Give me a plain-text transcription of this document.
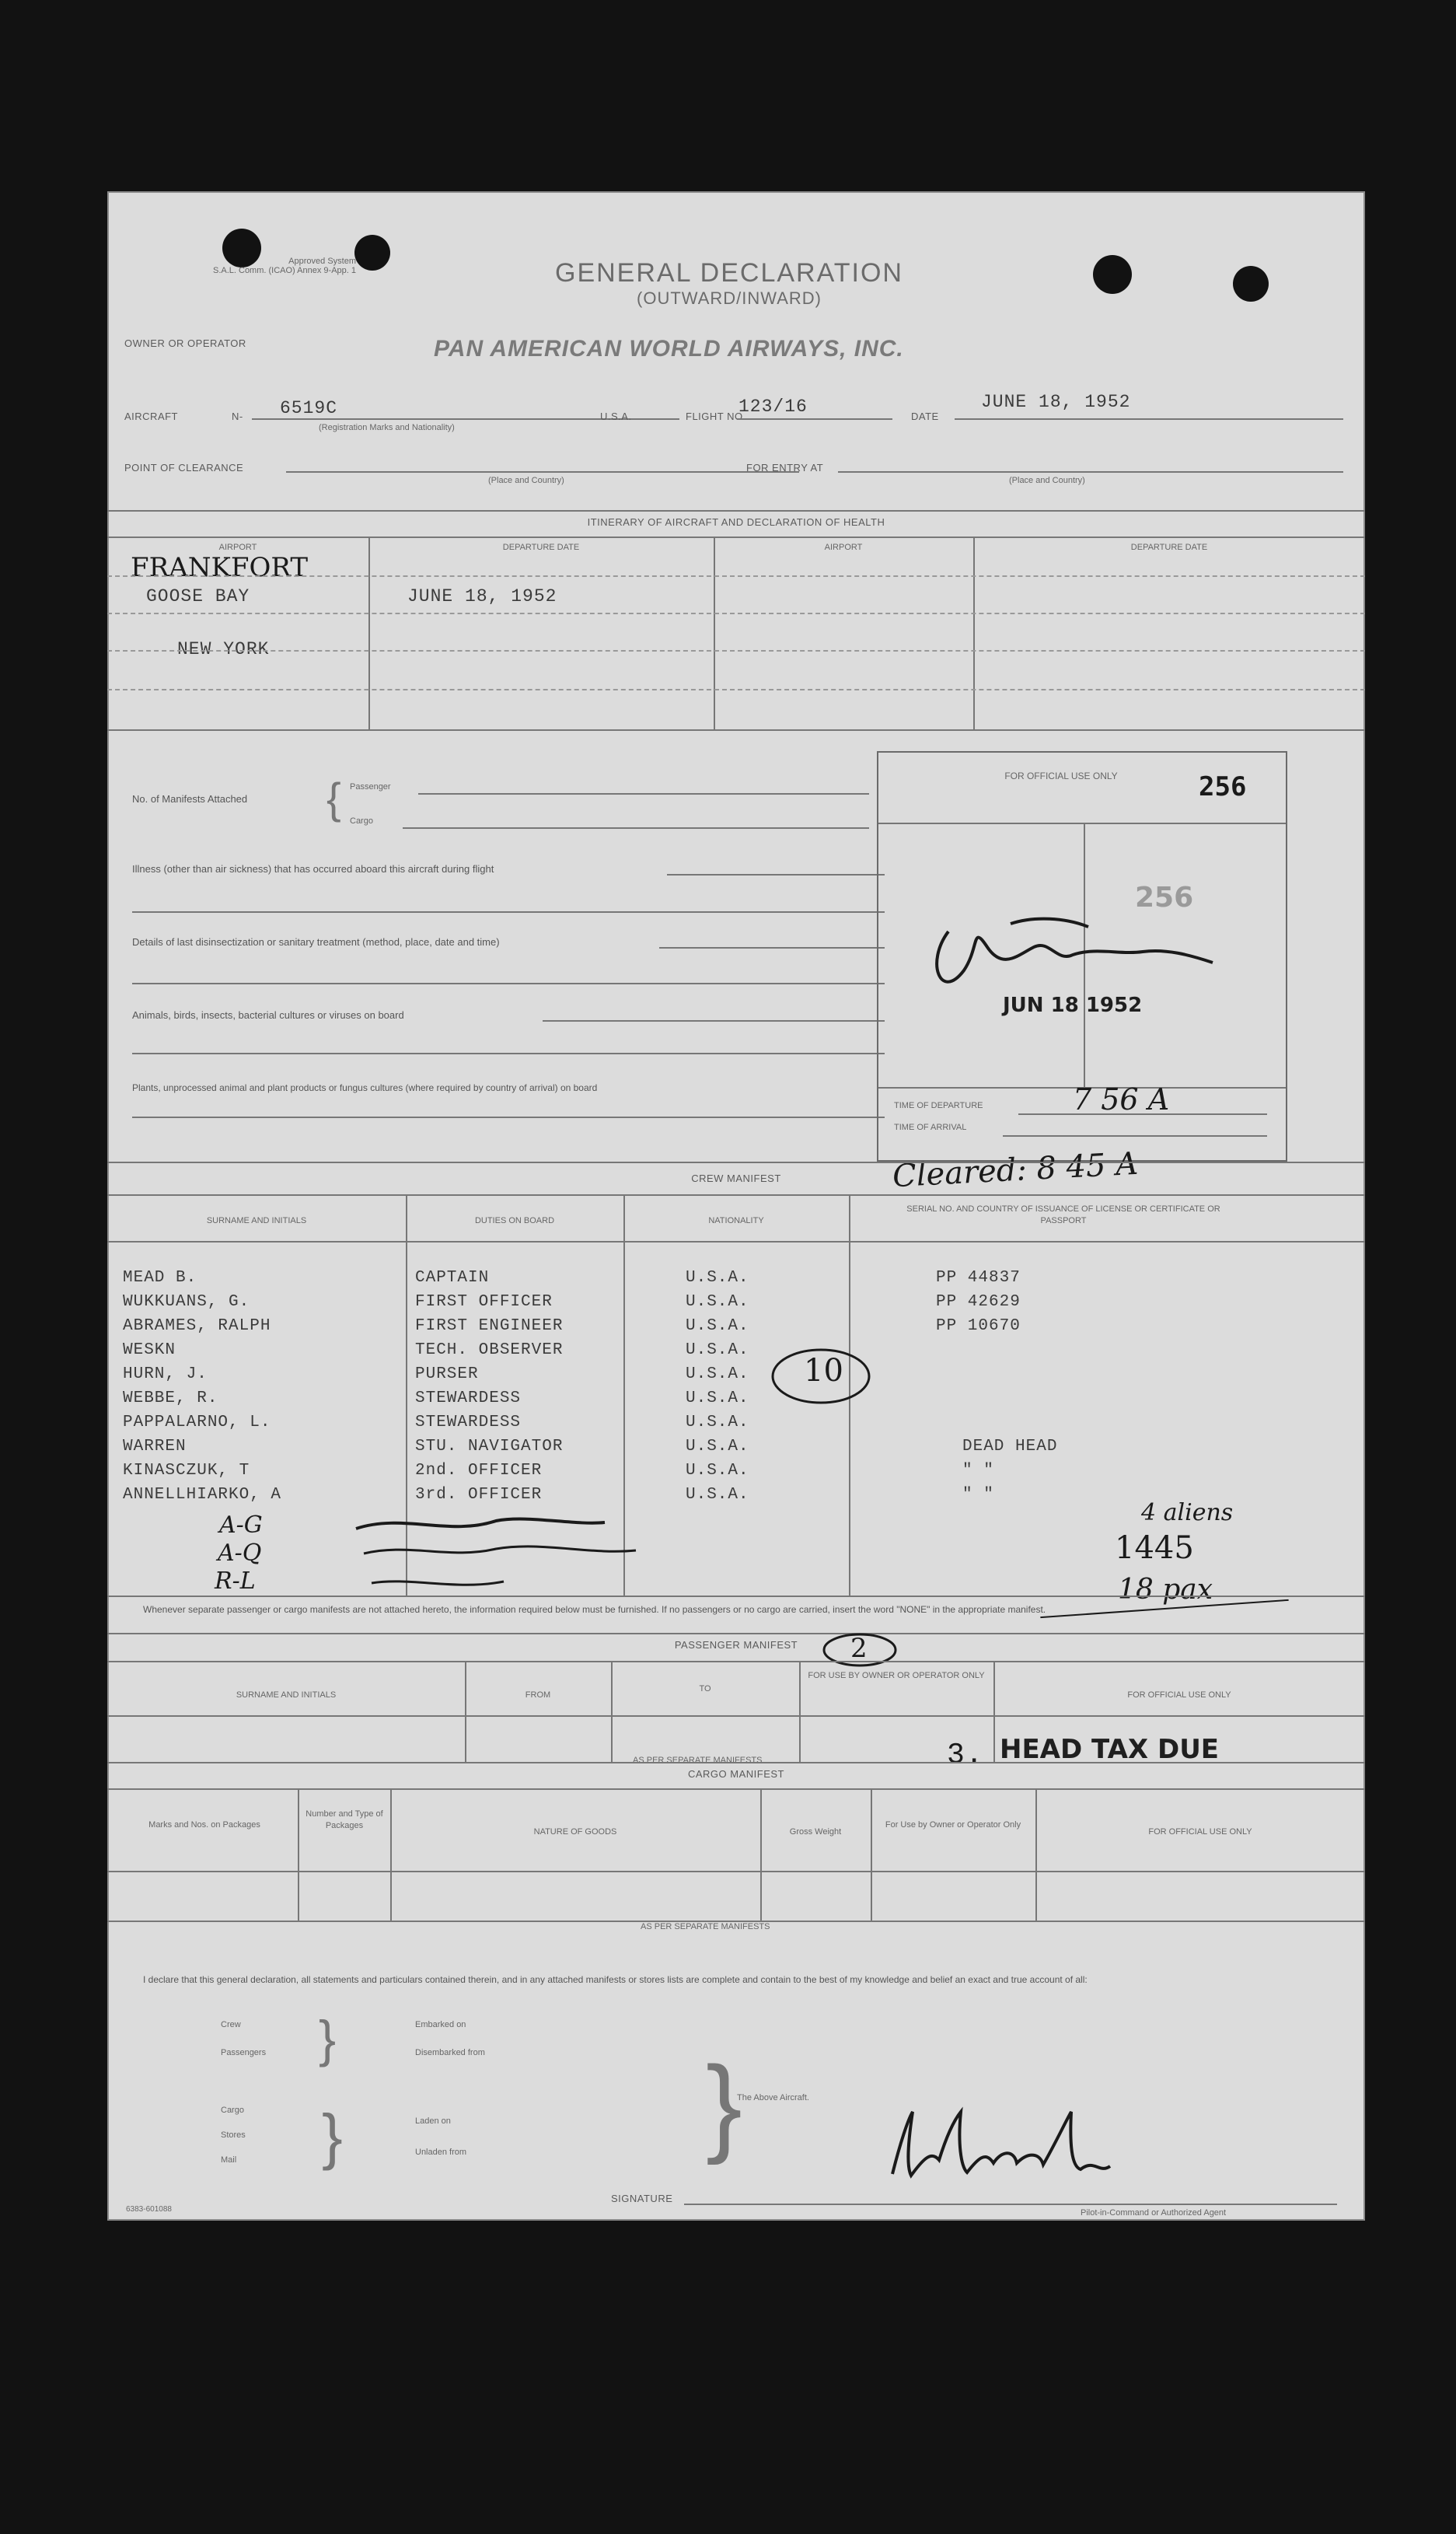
Approved System
S.A.L. Comm. (ICAO) Annex 9-App. 1	GENERAL DECLARATION
(OUTWARD/INWARD)
OWNER OR OPERATOR	PAN AMERICAN WORLD AIRWAYS, INC.
AIRCRAFT	N- 6519C
(Registration Marks and Nationality)
U.S.A.	FLIGHT NO
123/16	DATE
JUNE 18, 1952
POINT OF CLEARANCE
(Place and Country)
FOR ENTRY AT
(Place and Country)
ITINERARY OF AIRCRAFT AND DECLARATION OF HEALTH
AIRPORT	DEPARTURE DATE	AIRPORT	DEPARTURE DATE
FRANKFORT
GOOSE BAY	JUNE 18, 1952
NEW YORK
No. of Manifests Attached { Passenger
Cargo
Illness (other than air sickness) that has occurred aboard this aircraft during flight
Details of last disinsectization or sanitary treatment (method, place, date and time)
Animals, birds, insects, bacterial cultures or viruses on board
Plants, unprocessed animal and plant products or fungus cultures (where required by country of arrival) on board
FOR OFFICIAL USE ONLY	256
256
JUN 18 1952
TIME OF DEPARTURE	7 56 A
TIME OF ARRIVAL
Cleared: 8 45 A
CREW MANIFEST
SURNAME AND INITIALS	DUTIES ON BOARD	NATIONALITY
SERIAL NO. AND COUNTRY OF ISSUANCE OF LICENSE OR CERTIFICATE OR PASSPORT
10
A-G
A-Q
R-L
4 aliens
1445
18 pax
Whenever separate passenger or cargo manifests are not attached hereto, the information required below must be furnished. If no passengers or no cargo are carried, insert the word "NONE" in the appropriate manifest.
PASSENGER MANIFEST	2
SURNAME AND INITIALS	FROM
TO
FOR USE BY OWNER OR OPERATOR ONLY
FOR OFFICIAL USE ONLY
3. HEAD TAX DUE
AS PER SEPARATE MANIFESTS
CARGO MANIFEST
Marks and Nos. on Packages
Number and Type of Packages
NATURE OF GOODS	Gross Weight
For Use by Owner or Operator Only
FOR OFFICIAL USE ONLY
AS PER SEPARATE MANIFESTS
I declare that this general declaration, all statements and particulars contained therein, and in any attached manifests or stores lists are complete and contain to the best of my knowledge and belief an exact and true account of all:
Crew
Passengers }	Embarked on
Disembarked from
Cargo
Stores
Mail }	Laden on
Unladen from }
The Above Aircraft.
SIGNATURE
Pilot-in-Command or Authorized Agent
6383-601088
MEAD B.	CAPTAIN	U.S.A.	PP 44837
WUKKUANS, G.	FIRST OFFICER	U.S.A.	PP 42629
ABRAMES, RALPH	FIRST ENGINEER	U.S.A.	PP 10670
WESKN	TECH. OBSERVER	U.S.A.
HURN, J.	PURSER	U.S.A.
WEBBE, R.	STEWARDESS	U.S.A.
PAPPALARNO, L.	STEWARDESS	U.S.A.
WARREN	STU. NAVIGATOR	U.S.A.	DEAD HEAD
KINASCZUK, T	2nd. OFFICER	U.S.A.	" "
ANNELLHIARKO, A	3rd. OFFICER	U.S.A.	" "
